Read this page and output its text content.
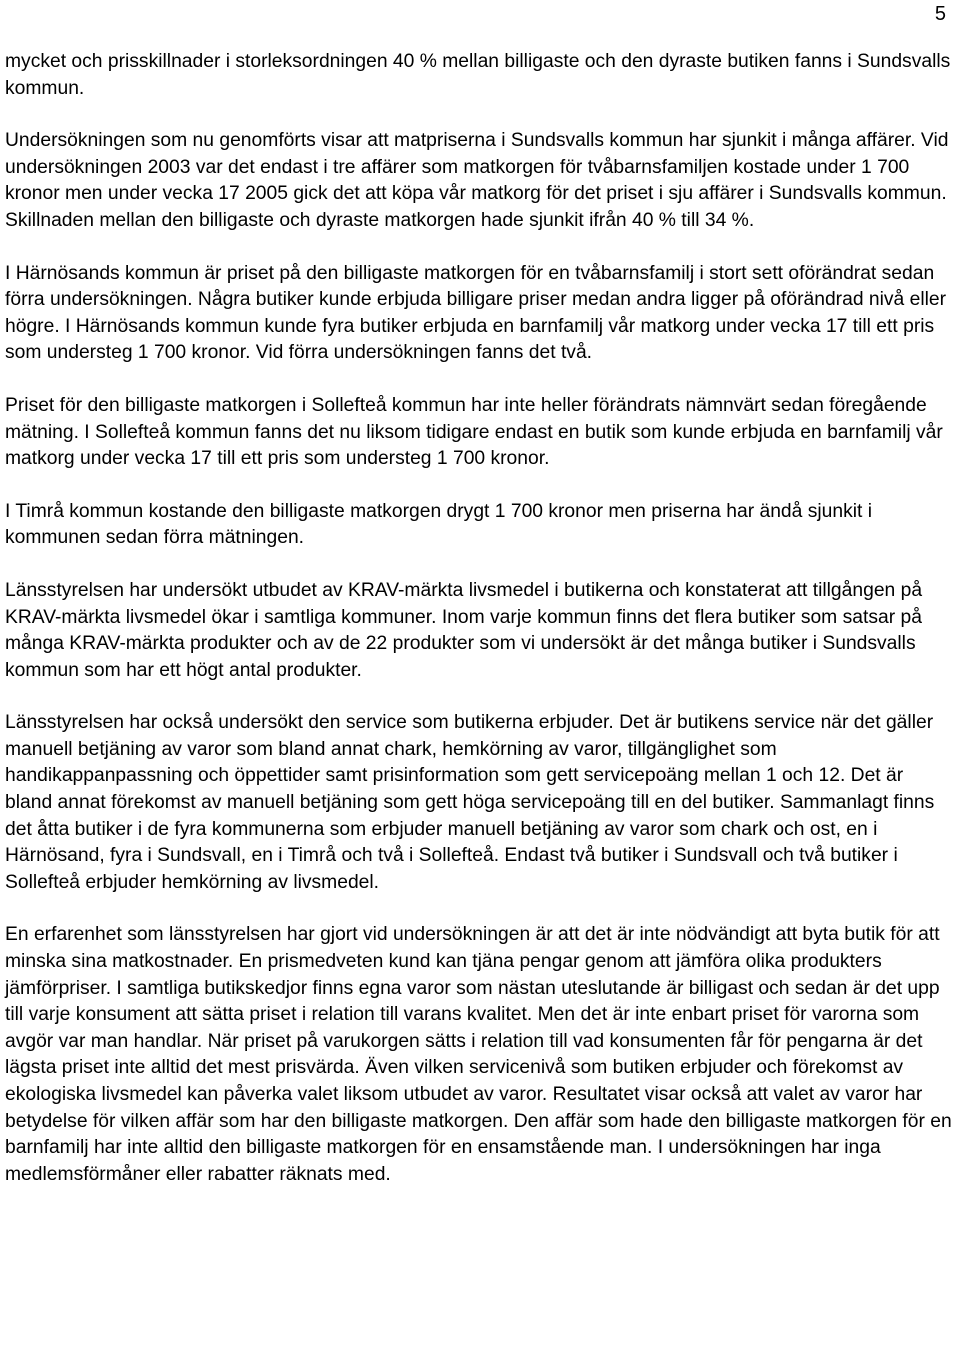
5

mycket och prisskillnader i storleksordningen 40 % mellan billigaste och den dyraste butiken fanns i Sundsvalls kommun.

Undersökningen som nu genomförts visar att matpriserna i Sundsvalls kommun har sjunkit i många affärer. Vid undersökningen 2003 var det endast i tre affärer som matkorgen för tvåbarnsfamiljen kostade under 1 700 kronor men under vecka 17 2005 gick det att köpa vår matkorg för det priset i sju affärer i Sundsvalls kommun. Skillnaden mellan den billigaste och dyraste matkorgen hade sjunkit ifrån 40 % till 34 %.

I Härnösands kommun är priset på den billigaste matkorgen för en tvåbarnsfamilj i stort sett oförändrat sedan förra undersökningen. Några butiker kunde erbjuda billigare priser medan andra ligger på oförändrad nivå eller högre. I Härnösands kommun kunde fyra butiker erbjuda en barnfamilj vår matkorg under vecka 17 till ett pris som understeg 1 700 kronor. Vid förra undersökningen fanns det två.

Priset för den billigaste matkorgen i Sollefteå kommun har inte heller förändrats nämnvärt sedan föregående mätning. I Sollefteå kommun fanns det nu liksom tidigare endast en butik som kunde erbjuda en barnfamilj vår matkorg under vecka 17 till ett pris som understeg 1 700 kronor.

I Timrå kommun kostande den billigaste matkorgen drygt 1 700 kronor men priserna har ändå sjunkit i kommunen sedan förra mätningen.

Länsstyrelsen har undersökt utbudet av KRAV-märkta livsmedel i butikerna och konstaterat att tillgången på KRAV-märkta livsmedel ökar i samtliga kommuner. Inom varje kommun finns det flera butiker som satsar på många KRAV-märkta produkter och av de 22 produkter som vi undersökt är det många butiker i Sundsvalls kommun som har ett högt antal produkter.

Länsstyrelsen har också undersökt den service som butikerna erbjuder. Det är butikens service när det gäller manuell betjäning av varor som bland annat chark, hemkörning av varor, tillgänglighet som handikappanpassning och öppettider samt prisinformation som gett servicepoäng mellan 1 och 12. Det är bland annat förekomst av manuell betjäning som gett höga servicepoäng till en del butiker. Sammanlagt finns det åtta butiker i de fyra kommunerna som erbjuder manuell betjäning av varor som chark och ost, en i Härnösand, fyra i Sundsvall, en i Timrå och två i Sollefteå. Endast två butiker i Sundsvall och två butiker i Sollefteå erbjuder hemkörning av livsmedel.

En erfarenhet som länsstyrelsen har gjort vid undersökningen är att det är inte nödvändigt att byta butik för att minska sina matkostnader. En prismedveten kund kan tjäna pengar genom att jämföra olika produkters jämförpriser. I samtliga butikskedjor finns egna varor som nästan uteslutande är billigast och sedan är det upp till varje konsument att sätta priset i relation till varans kvalitet. Men det är inte enbart priset för varorna som avgör var man handlar. När priset på varukorgen sätts i relation till vad konsumenten får för pengarna är det lägsta priset inte alltid det mest prisvärda. Även vilken servicenivå som butiken erbjuder och förekomst av ekologiska livsmedel kan påverka valet liksom utbudet av varor. Resultatet visar också att valet av varor har betydelse för vilken affär som har den billigaste matkorgen. Den affär som hade den billigaste matkorgen för en barnfamilj har inte alltid den billigaste matkorgen för en ensamstående man. I undersökningen har inga medlemsförmåner eller rabatter räknats med.
